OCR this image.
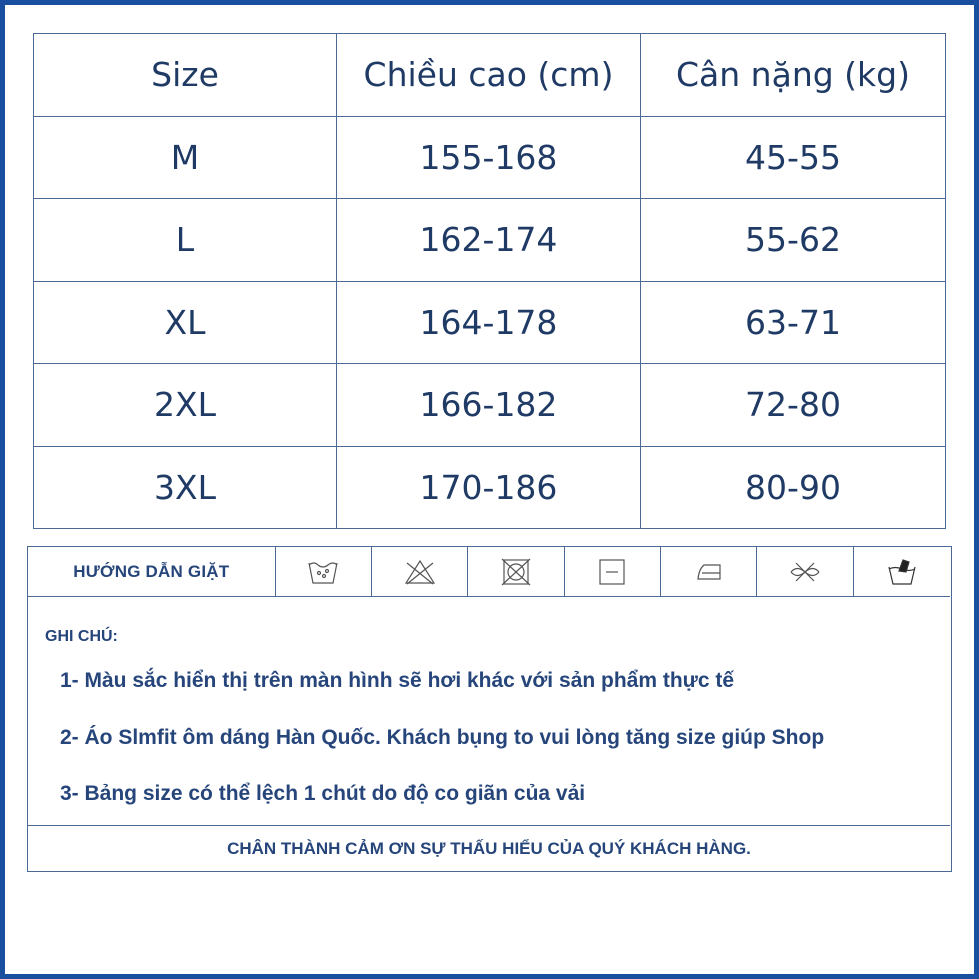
Size	Chiều cao (cm)	Cân nặng (kg)
M	155-168	45-55
L	162-174	55-62
XL	164-178	63-71
2XL	166-182	72-80
3XL	170-186	80-90
HƯỚNG DẪN GIẶT
GHI CHÚ:
1- Màu sắc hiển thị trên màn hình sẽ hơi khác với sản phẩm thực tế
2- Áo Slmfit ôm dáng Hàn Quốc. Khách bụng to vui lòng tăng size giúp Shop
3- Bảng size có thể lệch 1 chút do độ co giãn của vải
CHÂN THÀNH CẢM ƠN SỰ THẤU HIỂU CỦA QUÝ KHÁCH HÀNG.
